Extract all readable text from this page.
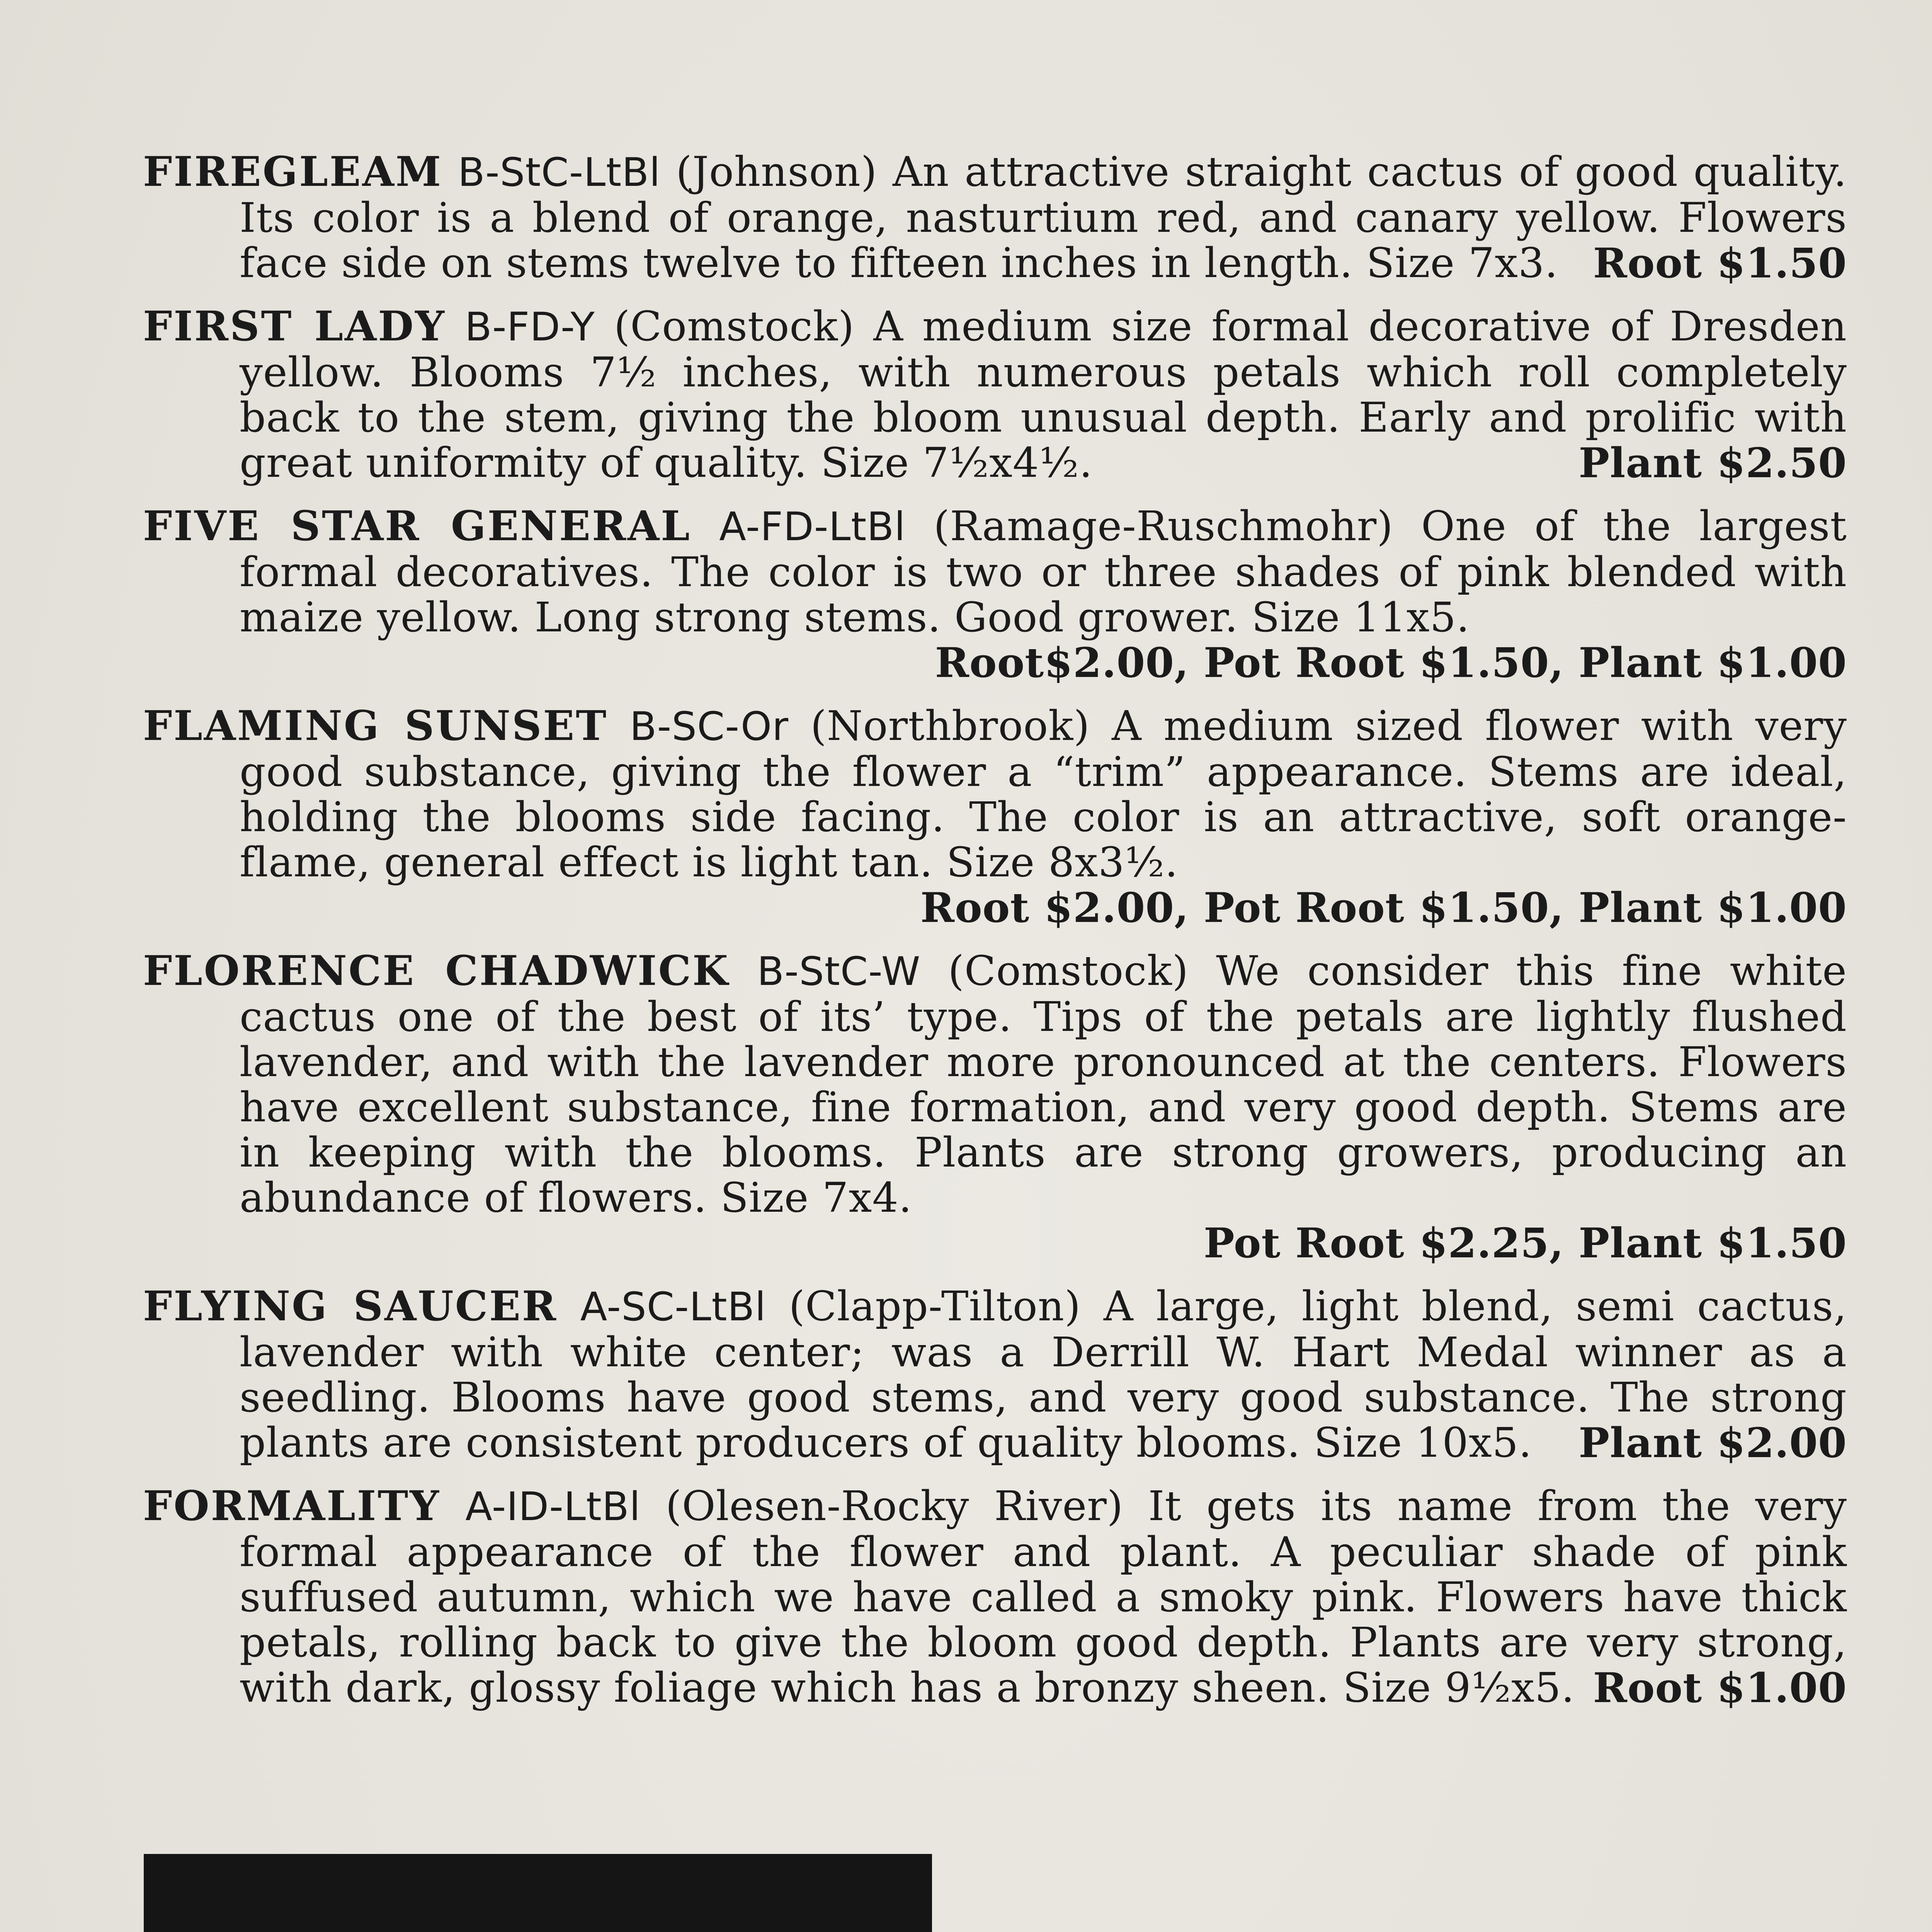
FIREGLEAM B-StC-LtBl (Johnson) An attractive straight cactus of good quality. Its color is a blend of orange, nasturtium red, and canary yellow. Flowers face side on stems twelve to fifteen inches in length. Size 7x3. Root $1.50

FIRST LADY B-FD-Y (Comstock) A medium size formal decorative of Dresden yellow. Blooms 7½ inches, with numerous petals which roll completely back to the stem, giving the bloom unusual depth. Early and prolific with great uniformity of quality. Size 7½x4½.	Plant $2.50

FIVE STAR GENERAL A-FD-LtBl (Ramage-Ruschmohr) One of the largest formal decoratives. The color is two or three shades of pink blended with maize yellow. Long strong stems. Good grower. Size 11x5.
Root$2.00, Pot Root $1.50, Plant $1.00

FLAMING SUNSET B-SC-Or (Northbrook) A medium sized flower with very good substance, giving the flower a “trim” appearance. Stems are ideal, holding the blooms side facing. The color is an attractive, soft orange-flame, general effect is light tan. Size 8x3½.
Root $2.00, Pot Root $1.50, Plant $1.00

FLORENCE CHADWICK B-StC-W (Comstock) We consider this fine white cactus one of the best of its’ type. Tips of the petals are lightly flushed lavender, and with the lavender more pronounced at the centers. Flowers have excellent substance, fine formation, and very good depth. Stems are in keeping with the blooms. Plants are strong growers, producing an abundance of flowers. Size 7x4.
Pot Root $2.25, Plant $1.50

FLYING SAUCER A-SC-LtBl (Clapp-Tilton) A large, light blend, semi cactus, lavender with white center; was a Derrill W. Hart Medal winner as a seedling. Blooms have good stems, and very good substance. The strong plants are consistent producers of quality blooms. Size 10x5. Plant $2.00

FORMALITY A-ID-LtBl (Olesen-Rocky River) It gets its name from the very formal appearance of the flower and plant. A peculiar shade of pink suffused autumn, which we have called a smoky pink. Flowers have thick petals, rolling back to give the bloom good depth. Plants are very strong, with dark, glossy foliage which has a bronzy sheen. Size 9½x5. Root $1.00
